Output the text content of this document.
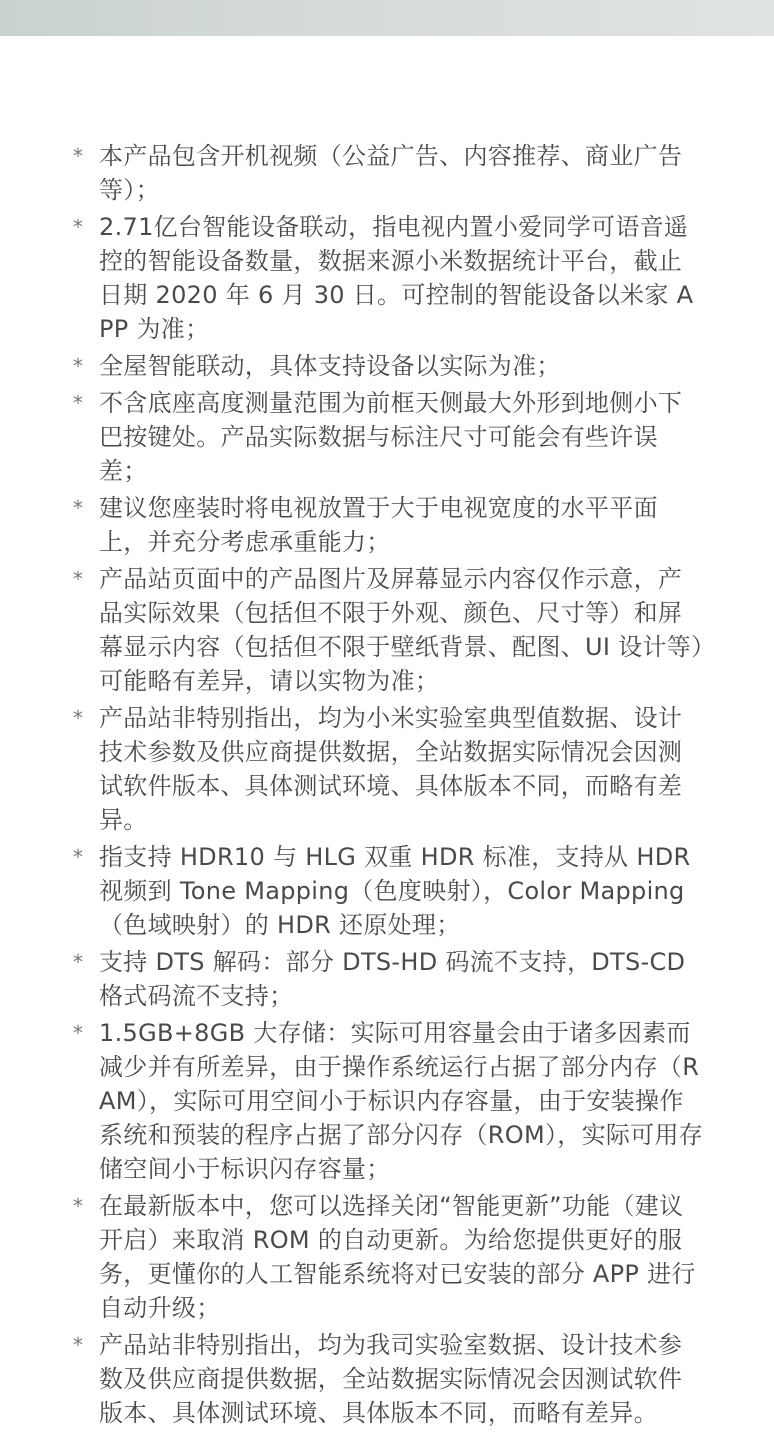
* 本产品包含开机视频（公益广告、内容推荐、商业广告等）；
* 2.71亿台智能设备联动，指电视内置小爱同学可语音遥控的智能设备数量，数据来源小米数据统计平台，截止日期 2020 年 6 月 30 日。可控制的智能设备以米家 APP 为准；
* 全屋智能联动，具体支持设备以实际为准；
* 不含底座高度测量范围为前框天侧最大外形到地侧小下巴按键处。产品实际数据与标注尺寸可能会有些许误差；
* 建议您座装时将电视放置于大于电视宽度的水平平面上，并充分考虑承重能力；
* 产品站页面中的产品图片及屏幕显示内容仅作示意，产品实际效果（包括但不限于外观、颜色、尺寸等）和屏幕显示内容（包括但不限于壁纸背景、配图、UI 设计等）可能略有差异，请以实物为准；
* 产品站非特别指出，均为小米实验室典型值数据、设计技术参数及供应商提供数据，全站数据实际情况会因测试软件版本、具体测试环境、具体版本不同，而略有差异。
* 指支持 HDR10 与 HLG 双重 HDR 标准，支持从 HDR 视频到 Tone Mapping（色度映射），Color Mapping（色域映射）的 HDR 还原处理；
* 支持 DTS 解码：部分 DTS-HD 码流不支持，DTS-CD 格式码流不支持；
* 1.5GB+8GB 大存储：实际可用容量会由于诸多因素而减少并有所差异，由于操作系统运行占据了部分内存（RAM），实际可用空间小于标识内存容量，由于安装操作系统和预装的程序占据了部分闪存（ROM），实际可用存储空间小于标识闪存容量；
* 在最新版本中，您可以选择关闭“智能更新”功能（建议开启）来取消 ROM 的自动更新。为给您提供更好的服务，更懂你的人工智能系统将对已安装的部分 APP 进行自动升级；
* 产品站非特别指出，均为我司实验室数据、设计技术参数及供应商提供数据，全站数据实际情况会因测试软件版本、具体测试环境、具体版本不同，而略有差异。
